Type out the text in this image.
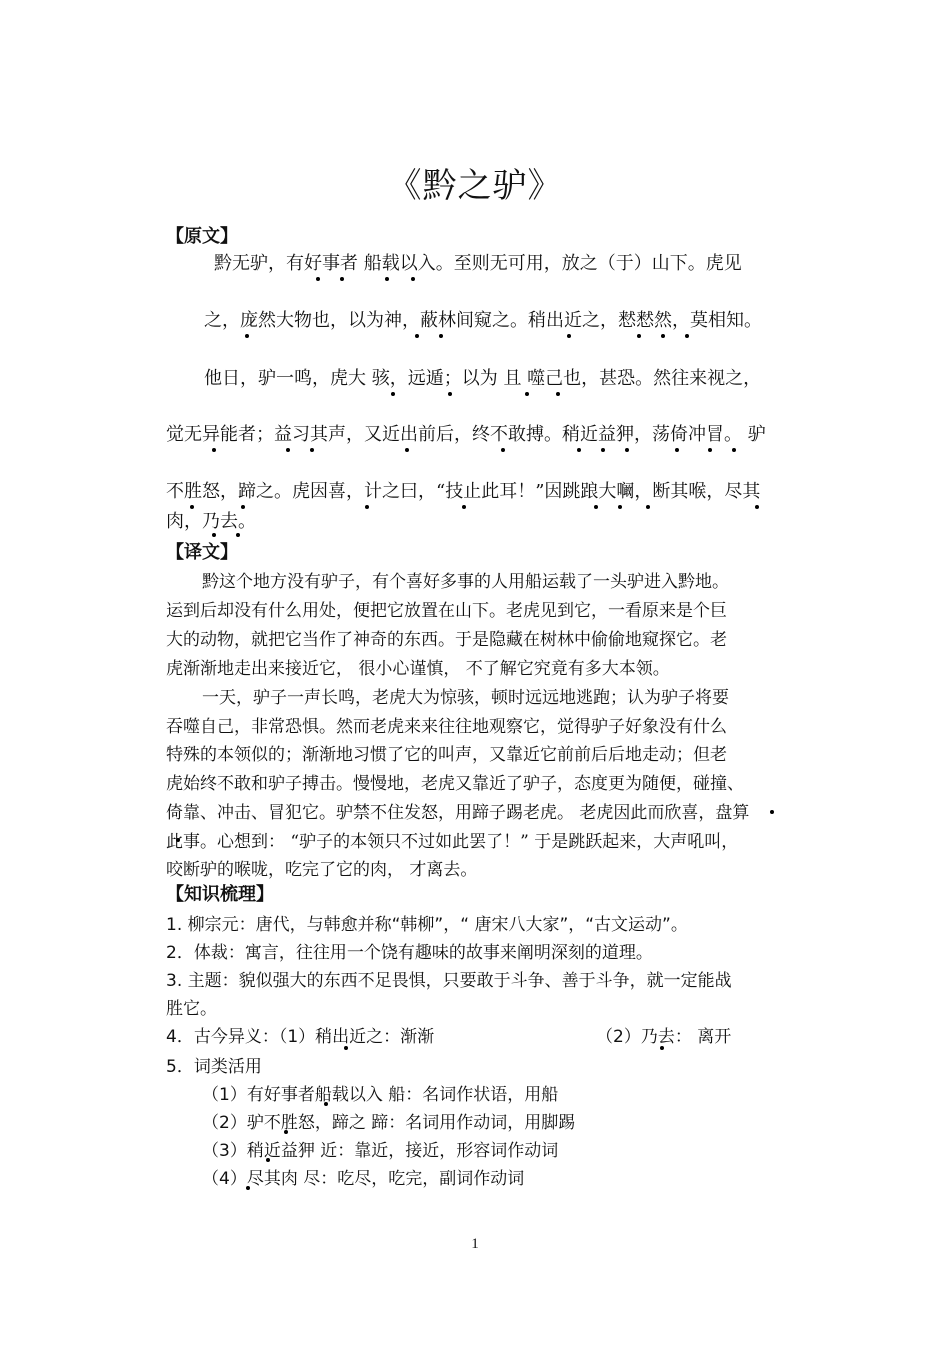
《黔之驴》
【原文】
黔无驴，有好事者 船载以入。至则无可用，放之（于）山下。虎见
之，庞然大物也，以为神，蔽林间窥之。稍出近之，慭慭然，莫相知。
他日，驴一鸣，虎大 骇，远遁；以为 且 噬己也，甚恐。然往来视之，
觉无异能者；益习其声，又近出前后，终不敢搏。稍近益狎，荡倚冲冒。 驴
不胜怒，蹄之。虎因喜，计之曰，“技止此耳！”因跳踉大㘎，断其喉，尽其
肉，乃去。
【译文】
黔这个地方没有驴子，有个喜好多事的人用船运载了一头驴进入黔地。
运到后却没有什么用处，便把它放置在山下。老虎见到它，一看原来是个巨
大的动物，就把它当作了神奇的东西。于是隐藏在树林中偷偷地窥探它。老
虎渐渐地走出来接近它， 很小心谨慎， 不了解它究竟有多大本领。
一天，驴子一声长鸣，老虎大为惊骇，顿时远远地逃跑；认为驴子将要
吞噬自己，非常恐惧。然而老虎来来往往地观察它，觉得驴子好象没有什么
特殊的本领似的；渐渐地习惯了它的叫声，又靠近它前前后后地走动；但老
虎始终不敢和驴子搏击。慢慢地，老虎又靠近了驴子，态度更为随便，碰撞、
倚靠、冲击、冒犯它。驴禁不住发怒，用蹄子踢老虎。 老虎因此而欣喜，盘算
此事。心想到： “驴子的本领只不过如此罢了！” 于是跳跃起来，大声吼叫，
咬断驴的喉咙，吃完了它的肉， 才离去。
【知识梳理】
1. 柳宗元：唐代，与韩愈并称“韩柳”，“ 唐宋八大家”，“古文运动”。
2．体裁：寓言，往往用一个饶有趣味的故事来阐明深刻的道理。
3. 主题：貌似强大的东西不足畏惧，只要敢于斗争、善于斗争，就一定能战
胜它。
4．古今异义：（1）稍出近之：渐渐	（2）乃去： 离开
5．词类活用
（1）有好事者船载以入 船：名词作状语，用船
（2）驴不胜怒，蹄之 蹄：名词用作动词，用脚踢
（3）稍近益狎 近：靠近，接近，形容词作动词
（4）尽其肉 尽：吃尽，吃完，副词作动词
1
